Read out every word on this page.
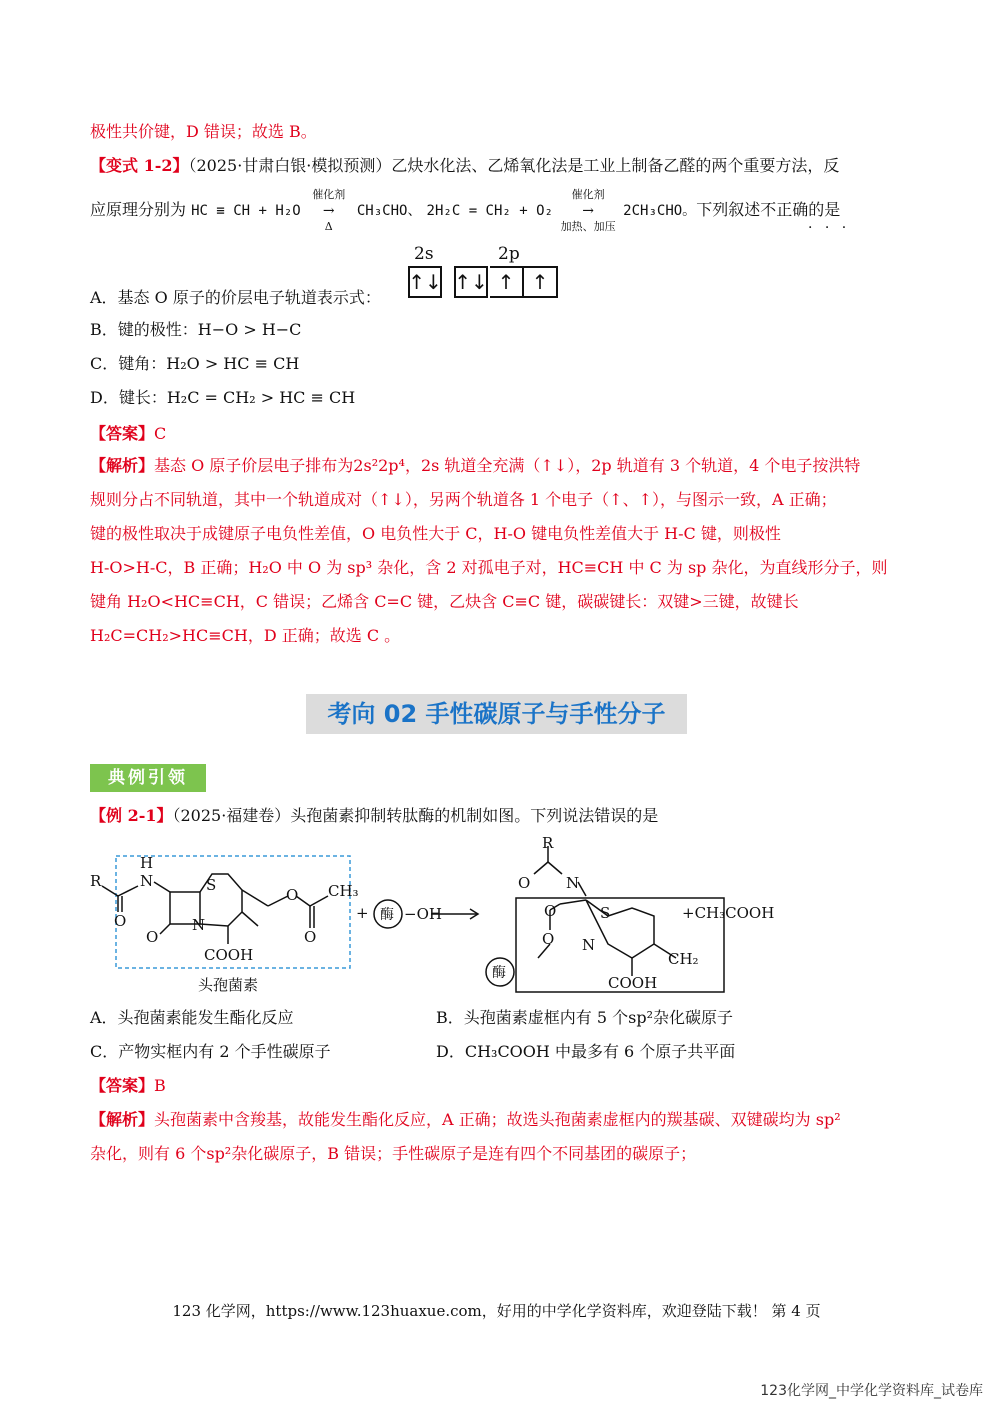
极性共价键，D 错误；故选 B。
【变式 1-2】（2025·甘肃白银·模拟预测）乙炔水化法、乙烯氧化法是工业上制备乙醛的两个重要方法，反
应原理分别为 HC ≡ CH + H₂O
催化剂
→
Δ
CH₃CHO、 2H₂C = CH₂ + O₂
催化剂
→
加热、加压
2CH₃CHO。下列叙述不正确的是
· · ·
2s	2p
↑↓ ↑↓ ↑ ↑
A．基态 O 原子的价层电子轨道表示式：
B．键的极性：H−O > H−C
C．键角：H₂O > HC ≡ CH
D．键长：H₂C = CH₂ > HC ≡ CH
【答案】C
【解析】基态 O 原子价层电子排布为2s²2p⁴，2s 轨道全充满（↑↓），2p 轨道有 3 个轨道，4 个电子按洪特
规则分占不同轨道，其中一个轨道成对（↑↓），另两个轨道各 1 个电子（↑、↑），与图示一致，A 正确；
键的极性取决于成键原子电负性差值，O 电负性大于 C，H-O 键电负性差值大于 H-C 键，则极性
H-O>H-C，B 正确；H₂O 中 O 为 sp³ 杂化，含 2 对孤电子对，HC≡CH 中 C 为 sp 杂化，为直线形分子，则
键角 H₂O<HC≡CH，C 错误；乙烯含 C=C 键，乙炔含 C≡C 键，碳碳键长：双键>三键，故键长
H₂C=CH₂>HC≡CH，D 正确；故选 C 。
考向 02 手性碳原子与手性分子
典例引领
【例 2-1】（2025·福建卷）头孢菌素抑制转肽酶的机制如图。下列说法错误的是
R	N
H
O
O
S
N
COOH
O
O
CH₃
+ 酶 −OH
R
O N
S
N
O
O
酶
COOH
CH₂
+CH₃COOH
头孢菌素
A．头孢菌素能发生酯化反应	B．头孢菌素虚框内有 5 个sp²杂化碳原子
C．产物实框内有 2 个手性碳原子	D．CH₃COOH 中最多有 6 个原子共平面
【答案】B
【解析】头孢菌素中含羧基，故能发生酯化反应，A 正确；故选头孢菌素虚框内的羰基碳、双键碳均为 sp²
杂化，则有 6 个sp²杂化碳原子，B 错误；手性碳原子是连有四个不同基团的碳原子；
123 化学网，https://www.123huaxue.com，好用的中学化学资料库，欢迎登陆下载！ 第 4 页
123化学网_中学化学资料库_试卷库
